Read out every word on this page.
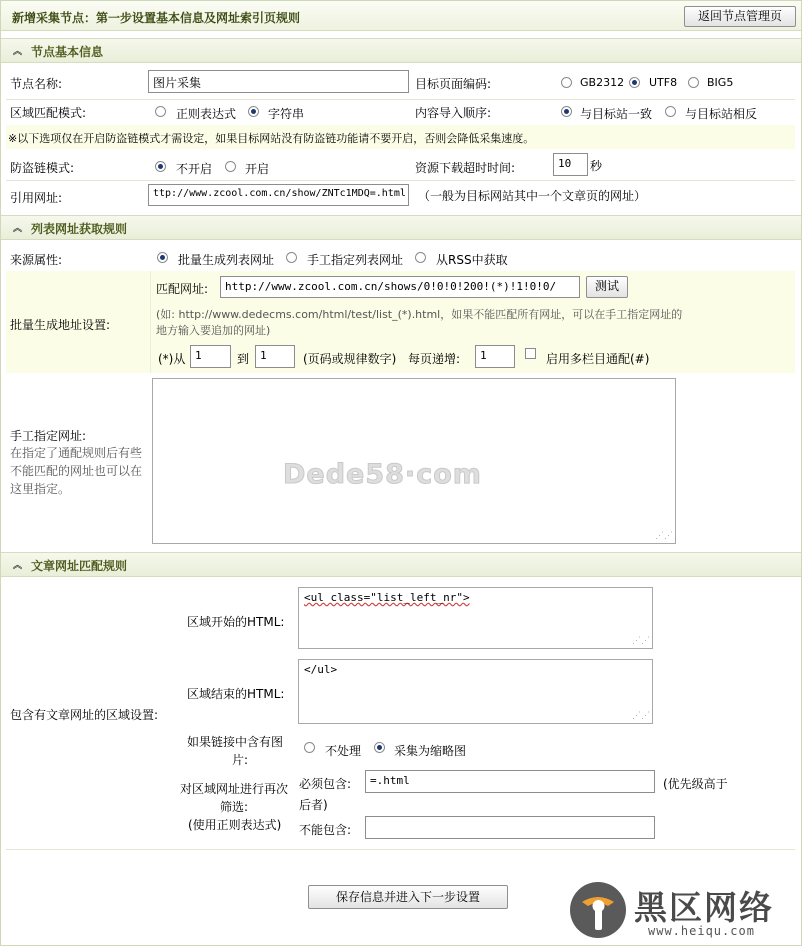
新增采集节点：第一步设置基本信息及网址索引页规则	返回节点管理页
︽ 节点基本信息
节点名称:	图片采集	目标页面编码:	GB2312 UTF8	BIG5
区域匹配模式:	正则表达式	字符串	内容导入顺序:	与目标站一致	与目标站相反
※以下选项仅在开启防盗链模式才需设定，如果目标网站没有防盗链功能请不要开启，否则会降低采集速度。
防盗链模式:	不开启	开启	资源下载超时时间:	10	秒
引用网址:	ttp://www.zcool.com.cn/show/ZNTc1MDQ=.html （一般为目标网站其中一个文章页的网址）
︽ 列表网址获取规则
来源属性:	批量生成列表网址	手工指定列表网址	从RSS中获取
批量生成地址设置:
匹配网址:	http://www.zcool.com.cn/shows/0!0!0!200!(*)!1!0!0/	测试
(如: http://www.dedecms.com/html/test/list_(*).html，如果不能匹配所有网址，可以在手工指定网址的
地方输入要追加的网址)
(*)从 1	到 1	(页码或规律数字) 每页递增:	1	启用多栏目通配(#)
手工指定网址:
在指定了通配规则后有些
不能匹配的网址也可以在
这里指定。
⋰⋰
Dede58·com
︽ 文章网址匹配规则
包含有文章网址的区域设置:
区域开始的HTML:
<ul class="list_left_nr">
⋰⋰
区域结束的HTML:
</ul>
⋰⋰
如果链接中含有图
片:
不处理	采集为缩略图
对区域网址进行再次
筛选:
(使用正则表达式)
必须包含:	=.html	(优先级高于
后者)
不能包含:
保存信息并进入下一步设置	黑区网络
www.heiqu.com
